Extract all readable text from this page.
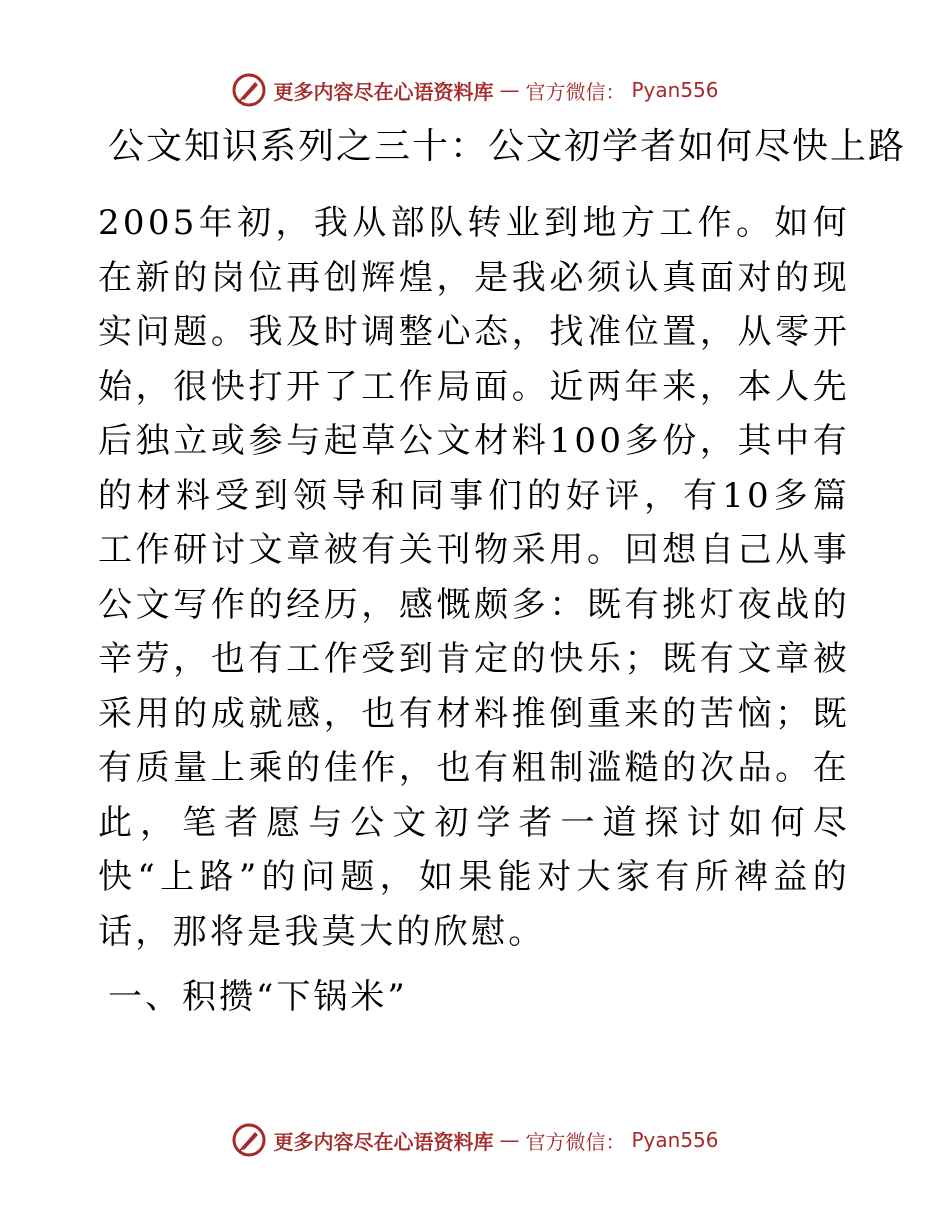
更多内容尽在心语资料库 — 官方微信： Pyan556
公文知识系列之三十：公文初学者如何尽快上路
2005年初，我从部队转业到地方工作。如何在新的岗位再创辉煌，是我必须认真面对的现实问题。我及时调整心态，找准位置，从零开始，很快打开了工作局面。近两年来，本人先后独立或参与起草公文材料100多份，其中有的材料受到领导和同事们的好评，有10多篇工作研讨文章被有关刊物采用。回想自己从事公文写作的经历，感慨颇多：既有挑灯夜战的辛劳，也有工作受到肯定的快乐；既有文章被采用的成就感，也有材料推倒重来的苦恼；既有质量上乘的佳作，也有粗制滥糙的次品。在此，笔者愿与公文初学者一道探讨如何尽快“上路”的问题，如果能对大家有所裨益的话，那将是我莫大的欣慰。
一、积攒“下锅米”
更多内容尽在心语资料库 — 官方微信： Pyan556
